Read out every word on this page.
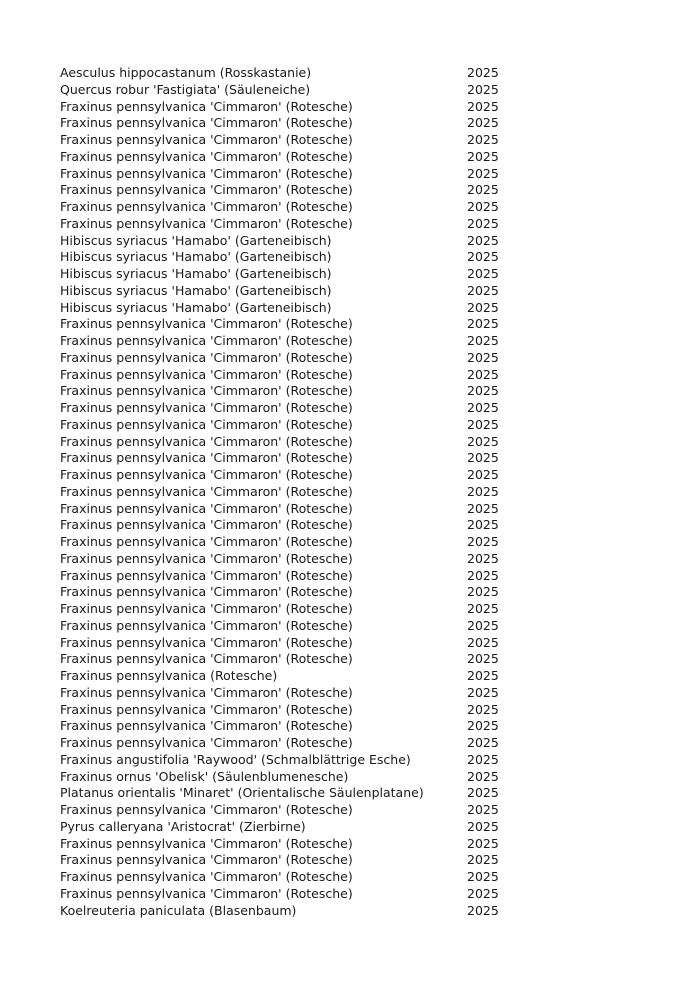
Aesculus hippocastanum (Rosskastanie)	2025
Quercus robur 'Fastigiata' (Säuleneiche)	2025
Fraxinus pennsylvanica 'Cimmaron' (Rotesche)	2025
Fraxinus pennsylvanica 'Cimmaron' (Rotesche)	2025
Fraxinus pennsylvanica 'Cimmaron' (Rotesche)	2025
Fraxinus pennsylvanica 'Cimmaron' (Rotesche)	2025
Fraxinus pennsylvanica 'Cimmaron' (Rotesche)	2025
Fraxinus pennsylvanica 'Cimmaron' (Rotesche)	2025
Fraxinus pennsylvanica 'Cimmaron' (Rotesche)	2025
Fraxinus pennsylvanica 'Cimmaron' (Rotesche)	2025
Hibiscus syriacus 'Hamabo' (Garteneibisch)	2025
Hibiscus syriacus 'Hamabo' (Garteneibisch)	2025
Hibiscus syriacus 'Hamabo' (Garteneibisch)	2025
Hibiscus syriacus 'Hamabo' (Garteneibisch)	2025
Hibiscus syriacus 'Hamabo' (Garteneibisch)	2025
Fraxinus pennsylvanica 'Cimmaron' (Rotesche)	2025
Fraxinus pennsylvanica 'Cimmaron' (Rotesche)	2025
Fraxinus pennsylvanica 'Cimmaron' (Rotesche)	2025
Fraxinus pennsylvanica 'Cimmaron' (Rotesche)	2025
Fraxinus pennsylvanica 'Cimmaron' (Rotesche)	2025
Fraxinus pennsylvanica 'Cimmaron' (Rotesche)	2025
Fraxinus pennsylvanica 'Cimmaron' (Rotesche)	2025
Fraxinus pennsylvanica 'Cimmaron' (Rotesche)	2025
Fraxinus pennsylvanica 'Cimmaron' (Rotesche)	2025
Fraxinus pennsylvanica 'Cimmaron' (Rotesche)	2025
Fraxinus pennsylvanica 'Cimmaron' (Rotesche)	2025
Fraxinus pennsylvanica 'Cimmaron' (Rotesche)	2025
Fraxinus pennsylvanica 'Cimmaron' (Rotesche)	2025
Fraxinus pennsylvanica 'Cimmaron' (Rotesche)	2025
Fraxinus pennsylvanica 'Cimmaron' (Rotesche)	2025
Fraxinus pennsylvanica 'Cimmaron' (Rotesche)	2025
Fraxinus pennsylvanica 'Cimmaron' (Rotesche)	2025
Fraxinus pennsylvanica 'Cimmaron' (Rotesche)	2025
Fraxinus pennsylvanica 'Cimmaron' (Rotesche)	2025
Fraxinus pennsylvanica 'Cimmaron' (Rotesche)	2025
Fraxinus pennsylvanica 'Cimmaron' (Rotesche)	2025
Fraxinus pennsylvanica (Rotesche)	2025
Fraxinus pennsylvanica 'Cimmaron' (Rotesche)	2025
Fraxinus pennsylvanica 'Cimmaron' (Rotesche)	2025
Fraxinus pennsylvanica 'Cimmaron' (Rotesche)	2025
Fraxinus pennsylvanica 'Cimmaron' (Rotesche)	2025
Fraxinus angustifolia 'Raywood' (Schmalblättrige Esche)	2025
Fraxinus ornus 'Obelisk' (Säulenblumenesche)	2025
Platanus orientalis 'Minaret' (Orientalische Säulenplatane)	2025
Fraxinus pennsylvanica 'Cimmaron' (Rotesche)	2025
Pyrus calleryana 'Aristocrat' (Zierbirne)	2025
Fraxinus pennsylvanica 'Cimmaron' (Rotesche)	2025
Fraxinus pennsylvanica 'Cimmaron' (Rotesche)	2025
Fraxinus pennsylvanica 'Cimmaron' (Rotesche)	2025
Fraxinus pennsylvanica 'Cimmaron' (Rotesche)	2025
Koelreuteria paniculata (Blasenbaum)	2025
